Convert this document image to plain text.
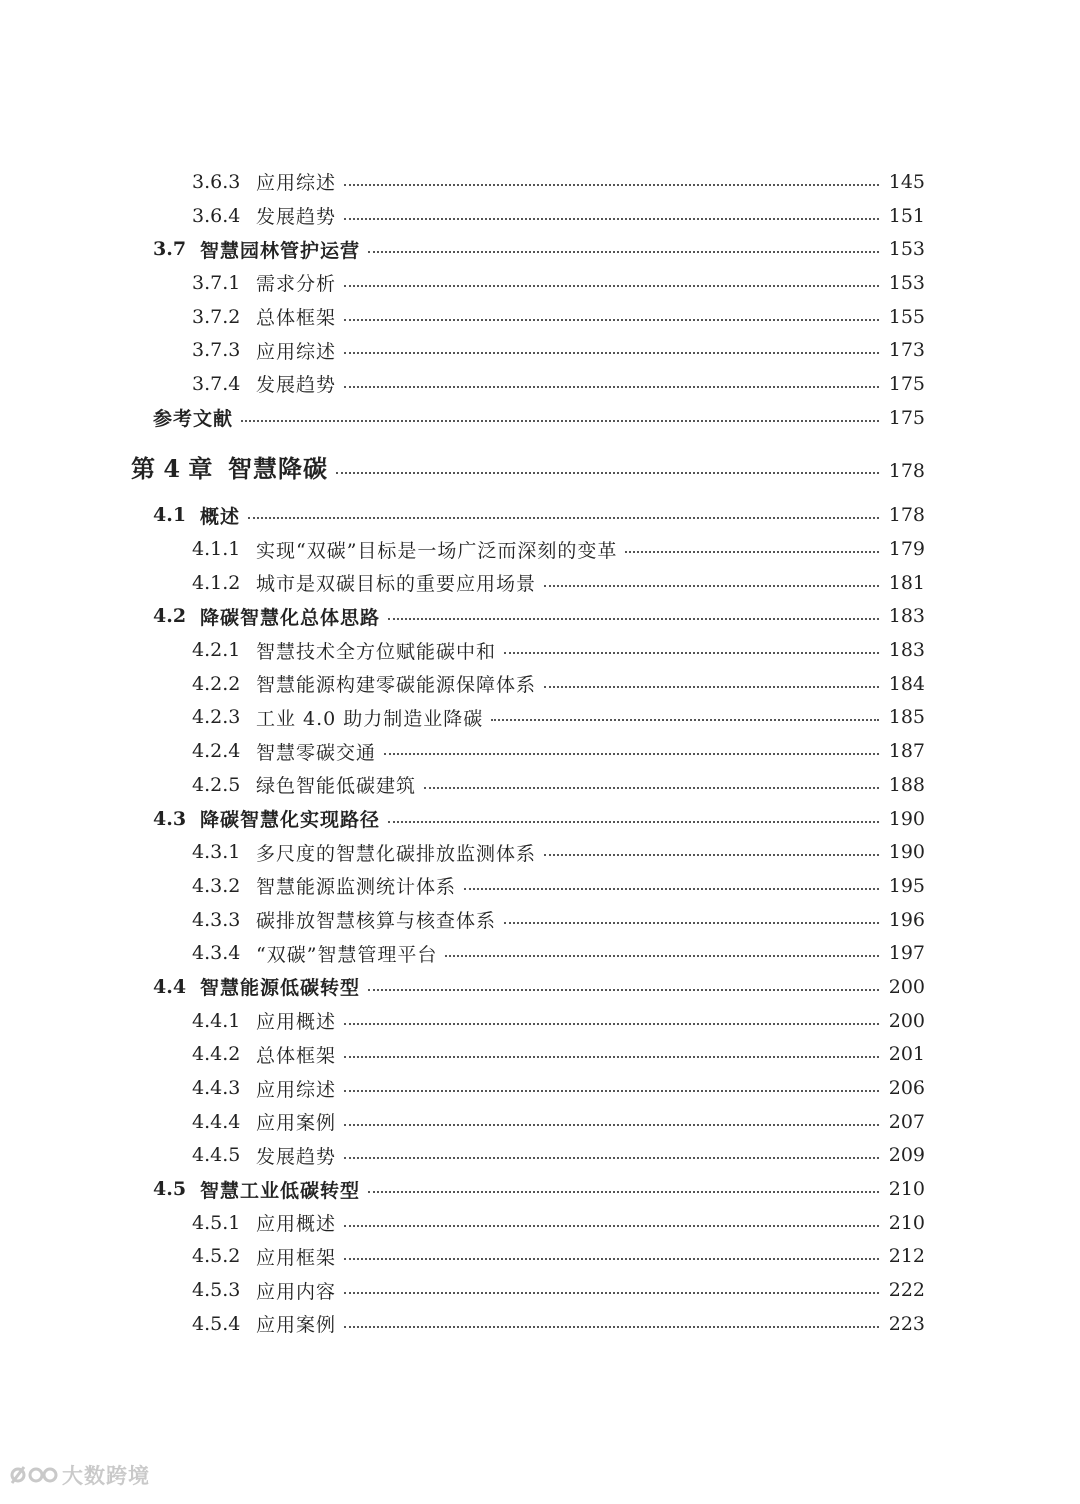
3.6.3 应用综述	145
3.6.4 发展趋势	151
3.7 智慧园林管护运营	153
3.7.1 需求分析	153
3.7.2 总体框架	155
3.7.3 应用综述	173
3.7.4 发展趋势	175
参考文献	175
第 4 章 智慧降碳	178
4.1 概述	178
4.1.1 实现“双碳”目标是一场广泛而深刻的变革	179
4.1.2 城市是双碳目标的重要应用场景	181
4.2 降碳智慧化总体思路	183
4.2.1 智慧技术全方位赋能碳中和	183
4.2.2 智慧能源构建零碳能源保障体系	184
4.2.3 工业 4.0 助力制造业降碳	185
4.2.4 智慧零碳交通	187
4.2.5 绿色智能低碳建筑	188
4.3 降碳智慧化实现路径	190
4.3.1 多尺度的智慧化碳排放监测体系	190
4.3.2 智慧能源监测统计体系	195
4.3.3 碳排放智慧核算与核查体系	196
4.3.4 “双碳”智慧管理平台	197
4.4 智慧能源低碳转型	200
4.4.1 应用概述	200
4.4.2 总体框架	201
4.4.3 应用综述	206
4.4.4 应用案例	207
4.4.5 发展趋势	209
4.5 智慧工业低碳转型	210
4.5.1 应用概述	210
4.5.2 应用框架	212
4.5.3 应用内容	222
4.5.4 应用案例	223
大数跨境
